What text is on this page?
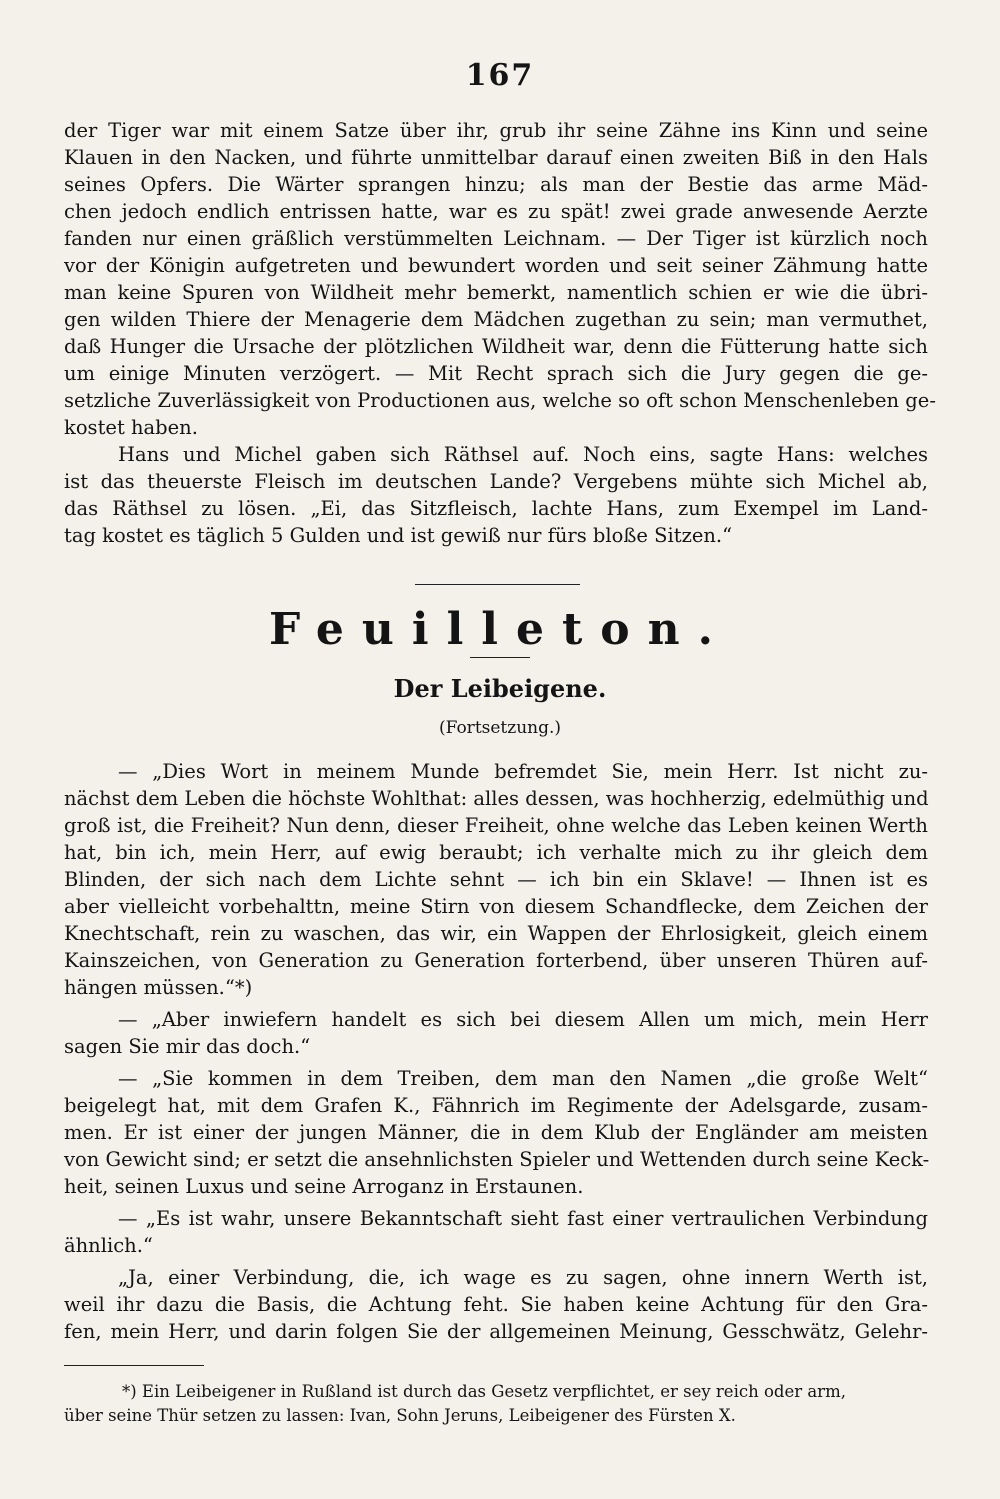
167
der Tiger war mit einem Satze über ihr, grub ihr seine Zähne ins Kinn und seine
Klauen in den Nacken, und führte unmittelbar darauf einen zweiten Biß in den Hals
seines Opfers. Die Wärter sprangen hinzu; als man der Bestie das arme Mäd-
chen jedoch endlich entrissen hatte, war es zu spät! zwei grade anwesende Aerzte
fanden nur einen gräßlich verstümmelten Leichnam. — Der Tiger ist kürzlich noch
vor der Königin aufgetreten und bewundert worden und seit seiner Zähmung hatte
man keine Spuren von Wildheit mehr bemerkt, namentlich schien er wie die übri-
gen wilden Thiere der Menagerie dem Mädchen zugethan zu sein; man vermuthet,
daß Hunger die Ursache der plötzlichen Wildheit war, denn die Fütterung hatte sich
um einige Minuten verzögert. — Mit Recht sprach sich die Jury gegen die ge-
setzliche Zuverlässigkeit von Productionen aus, welche so oft schon Menschenleben ge-
kostet haben.
Hans und Michel gaben sich Räthsel auf. Noch eins, sagte Hans: welches
ist das theuerste Fleisch im deutschen Lande? Vergebens mühte sich Michel ab,
das Räthsel zu lösen. „Ei, das Sitzfleisch, lachte Hans, zum Exempel im Land-
tag kostet es täglich 5 Gulden und ist gewiß nur fürs bloße Sitzen.“
Feuilleton.
Der Leibeigene.
(Fortsetzung.)
— „Dies Wort in meinem Munde befremdet Sie, mein Herr. Ist nicht zu-
nächst dem Leben die höchste Wohlthat: alles dessen, was hochherzig, edelmüthig und
groß ist, die Freiheit? Nun denn, dieser Freiheit, ohne welche das Leben keinen Werth
hat, bin ich, mein Herr, auf ewig beraubt; ich verhalte mich zu ihr gleich dem
Blinden, der sich nach dem Lichte sehnt — ich bin ein Sklave! — Ihnen ist es
aber vielleicht vorbehalttn, meine Stirn von diesem Schandflecke, dem Zeichen der
Knechtschaft, rein zu waschen, das wir, ein Wappen der Ehrlosigkeit, gleich einem
Kainszeichen, von Generation zu Generation forterbend, über unseren Thüren auf-
hängen müssen.“*)
— „Aber inwiefern handelt es sich bei diesem Allen um mich, mein Herr
sagen Sie mir das doch.“
— „Sie kommen in dem Treiben, dem man den Namen „die große Welt“
beigelegt hat, mit dem Grafen K., Fähnrich im Regimente der Adelsgarde, zusam-
men. Er ist einer der jungen Männer, die in dem Klub der Engländer am meisten
von Gewicht sind; er setzt die ansehnlichsten Spieler und Wettenden durch seine Keck-
heit, seinen Luxus und seine Arroganz in Erstaunen.
— „Es ist wahr, unsere Bekanntschaft sieht fast einer vertraulichen Verbindung
ähnlich.“
„Ja, einer Verbindung, die, ich wage es zu sagen, ohne innern Werth ist,
weil ihr dazu die Basis, die Achtung feht. Sie haben keine Achtung für den Gra-
fen, mein Herr, und darin folgen Sie der allgemeinen Meinung, Gesschwätz, Gelehr-
*) Ein Leibeigener in Rußland ist durch das Gesetz verpflichtet, er sey reich oder arm,
über seine Thür setzen zu lassen: Ivan, Sohn Jeruns, Leibeigener des Fürsten X.
